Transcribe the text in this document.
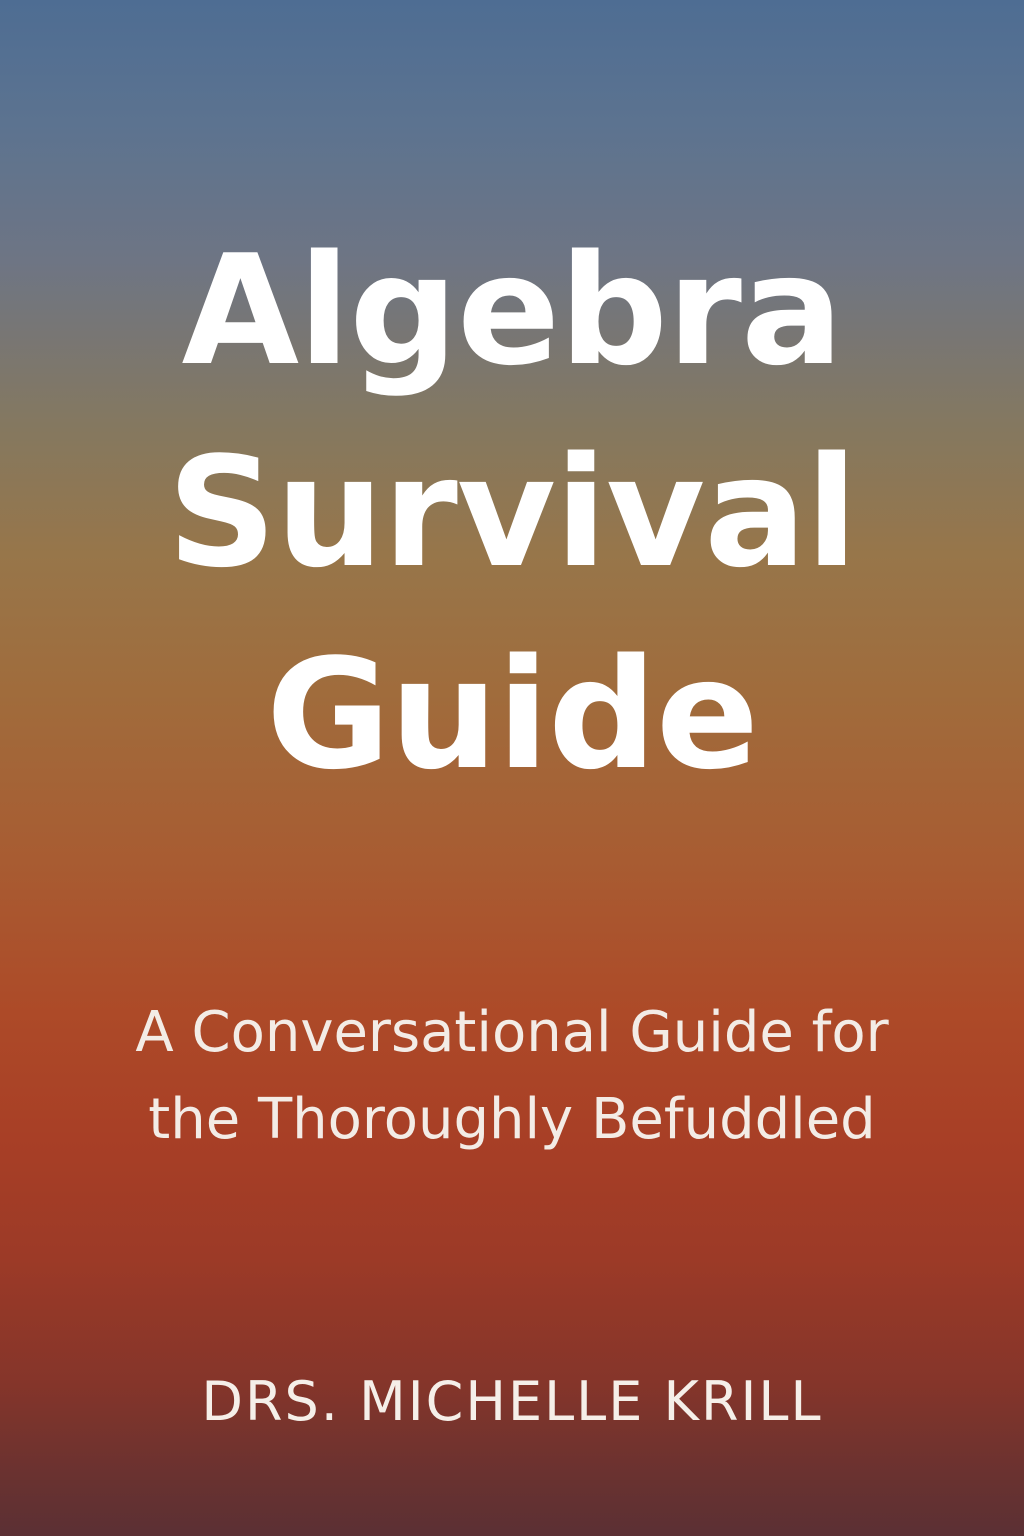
Algebra
Survival
Guide
A Conversational Guide for
the Thoroughly Befuddled
DRS. MICHELLE KRILL
